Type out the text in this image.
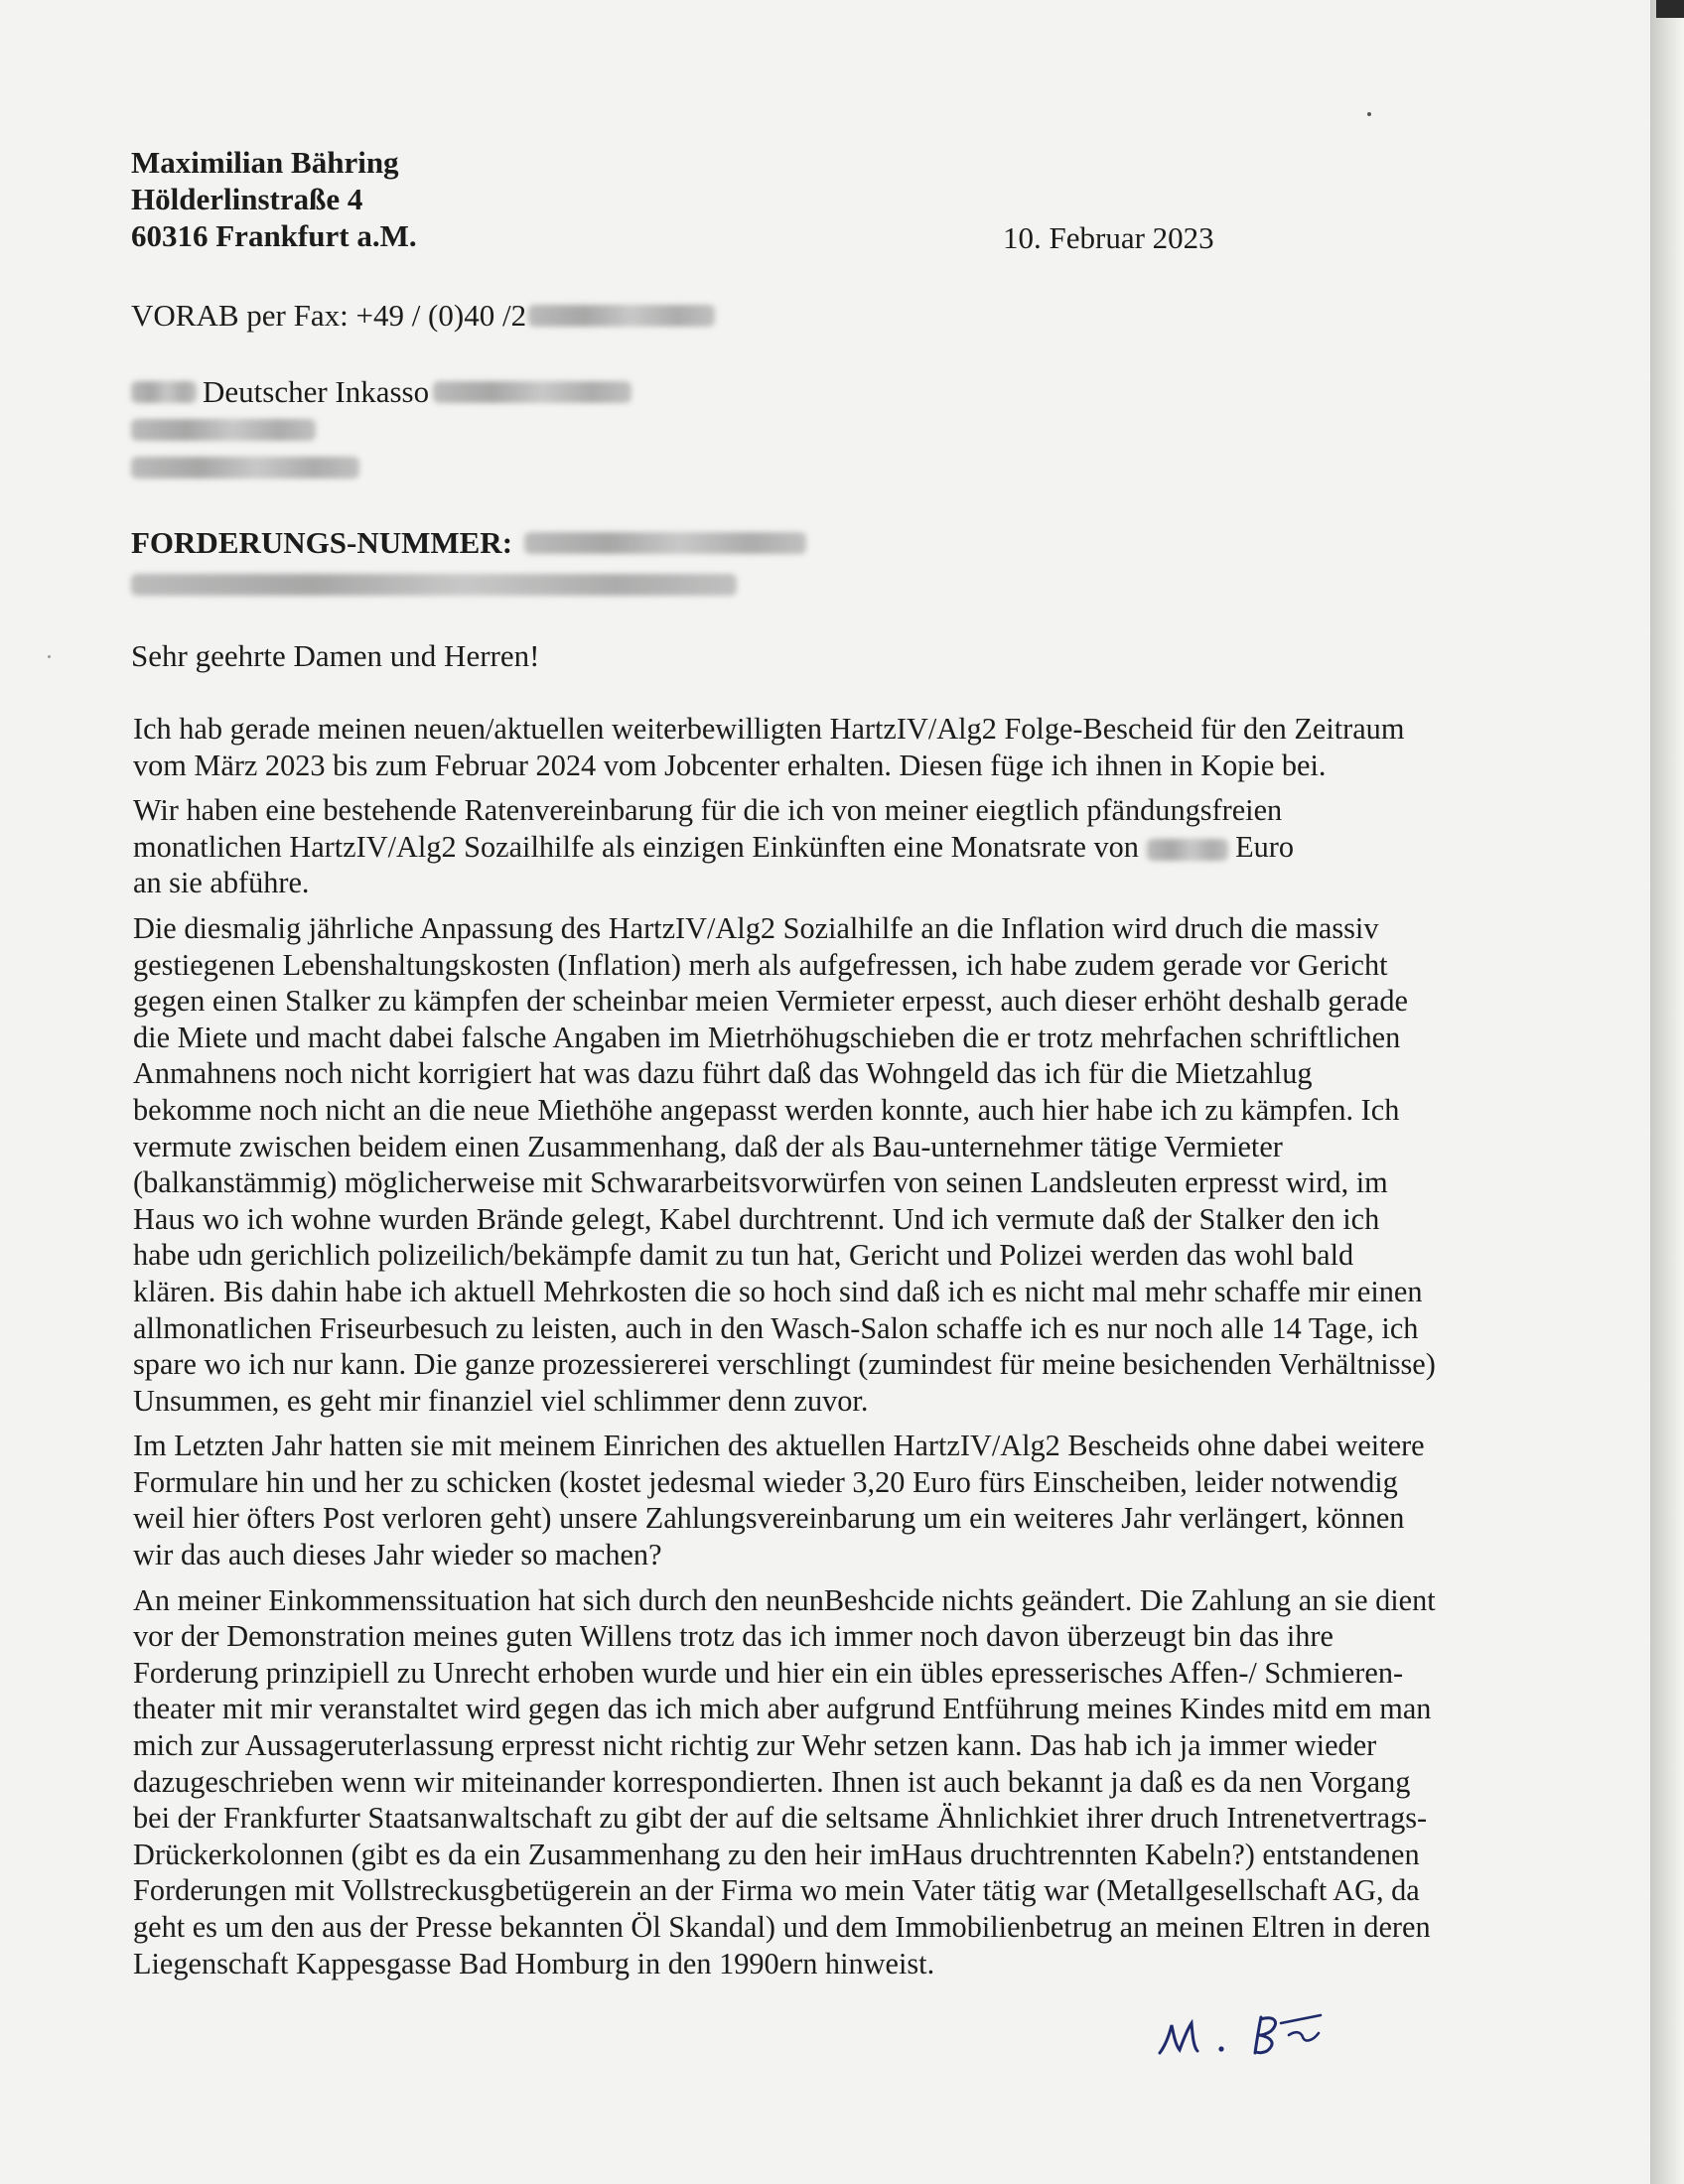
Maximilian Bähring
Hölderlinstraße 4
60316 Frankfurt a.M.	10. Februar 2023
VORAB per Fax: +49 / (0)40 /2
Deutscher Inkasso
FORDERUNGS-NUMMER:
Sehr geehrte Damen und Herren!

Ich hab gerade meinen neuen/aktuellen weiterbewilligten HartzIV/Alg2 Folge-Bescheid für den Zeitraum
vom März 2023 bis zum Februar 2024 vom Jobcenter erhalten. Diesen füge ich ihnen in Kopie bei.

Wir haben eine bestehende Ratenvereinbarung für die ich von meiner eiegtlich pfändungsfreien
monatlichen HartzIV/Alg2 Sozailhilfe als einzigen Einkünften eine Monatsrate von	Euro
an sie abführe.

Die diesmalig jährliche Anpassung des HartzIV/Alg2 Sozialhilfe an die Inflation wird druch die massiv
gestiegenen Lebenshaltungskosten (Inflation) merh als aufgefressen, ich habe zudem gerade vor Gericht
gegen einen Stalker zu kämpfen der scheinbar meien Vermieter erpesst, auch dieser erhöht deshalb gerade
die Miete und macht dabei falsche Angaben im Mietrhöhugschieben die er trotz mehrfachen schriftlichen
Anmahnens noch nicht korrigiert hat was dazu führt daß das Wohngeld das ich für die Mietzahlug
bekomme noch nicht an die neue Miethöhe angepasst werden konnte, auch hier habe ich zu kämpfen. Ich
vermute zwischen beidem einen Zusammenhang, daß der als Bau-unternehmer tätige Vermieter
(balkanstämmig) möglicherweise mit Schwararbeitsvorwürfen von seinen Landsleuten erpresst wird, im
Haus wo ich wohne wurden Brände gelegt, Kabel durchtrennt. Und ich vermute daß der Stalker den ich
habe udn gerichlich polizeilich/bekämpfe damit zu tun hat, Gericht und Polizei werden das wohl bald
klären. Bis dahin habe ich aktuell Mehrkosten die so hoch sind daß ich es nicht mal mehr schaffe mir einen
allmonatlichen Friseurbesuch zu leisten, auch in den Wasch-Salon schaffe ich es nur noch alle 14 Tage, ich
spare wo ich nur kann. Die ganze prozessiererei verschlingt (zumindest für meine besichenden Verhältnisse)
Unsummen, es geht mir finanziel viel schlimmer denn zuvor.

Im Letzten Jahr hatten sie mit meinem Einrichen des aktuellen HartzIV/Alg2 Bescheids ohne dabei weitere
Formulare hin und her zu schicken (kostet jedesmal wieder 3,20 Euro fürs Einscheiben, leider notwendig
weil hier öfters Post verloren geht) unsere Zahlungsvereinbarung um ein weiteres Jahr verlängert, können
wir das auch dieses Jahr wieder so machen?

An meiner Einkommenssituation hat sich durch den neunBeshcide nichts geändert. Die Zahlung an sie dient
vor der Demonstration meines guten Willens trotz das ich immer noch davon überzeugt bin das ihre
Forderung prinzipiell zu Unrecht erhoben wurde und hier ein ein übles epresserisches Affen-/ Schmieren-
theater mit mir veranstaltet wird gegen das ich mich aber aufgrund Entführung meines Kindes mitd em man
mich zur Aussageruterlassung erpresst nicht richtig zur Wehr setzen kann. Das hab ich ja immer wieder
dazugeschrieben wenn wir miteinander korrespondierten. Ihnen ist auch bekannt ja daß es da nen Vorgang
bei der Frankfurter Staatsanwaltschaft zu gibt der auf die seltsame Ähnlichkiet ihrer druch Intrenetvertrags-
Drückerkolonnen (gibt es da ein Zusammenhang zu den heir imHaus druchtrennten Kabeln?) entstandenen
Forderungen mit Vollstreckusgbetügerein an der Firma wo mein Vater tätig war (Metallgesellschaft AG, da
geht es um den aus der Presse bekannten Öl Skandal) und dem Immobilienbetrug an meinen Eltren in deren
Liegenschaft Kappesgasse Bad Homburg in den 1990ern hinweist.
